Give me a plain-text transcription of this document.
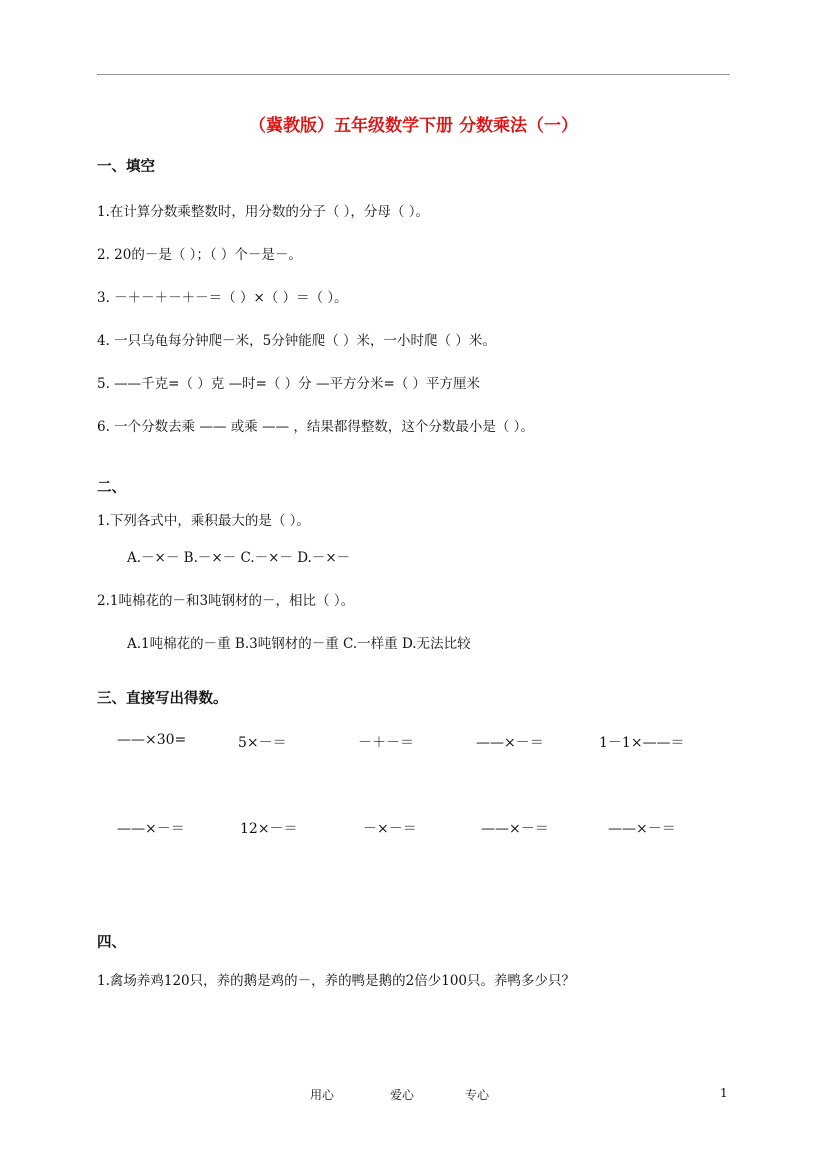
（冀教版）五年级数学下册 分数乘法（一）
一、填空
1.在计算分数乘整数时，用分数的分子（ ），分母（ ）。
2. 20的－是（ ）；（ ）个－是－。
3. －＋－＋－＋－＝（ ）×（ ）＝（ ）。
4. 一只乌龟每分钟爬－米，5分钟能爬（ ）米，一小时爬（ ）米。
5. ——千克=（ ）克 —时=（ ）分 —平方分米=（ ）平方厘米
6. 一个分数去乘 —— 或乘 —— ，结果都得整数，这个分数最小是（ ）。
二、
1.下列各式中，乘积最大的是（ ）。
A.－×－ B.－×－ C.－×－ D.－×－
2.1吨棉花的－和3吨钢材的－，相比（ ）。
A.1吨棉花的－重 B.3吨钢材的－重 C.一样重 D.无法比较
三、直接写出得数。
——×30=	5×－＝	－＋－＝	——×－＝	1－1×——＝
——×－＝	12×－＝	－×－＝	——×－＝	——×－＝
四、
1.禽场养鸡120只，养的鹅是鸡的－，养的鸭是鹅的2倍少100只。养鸭多少只？
用心	爱心	专心	1
